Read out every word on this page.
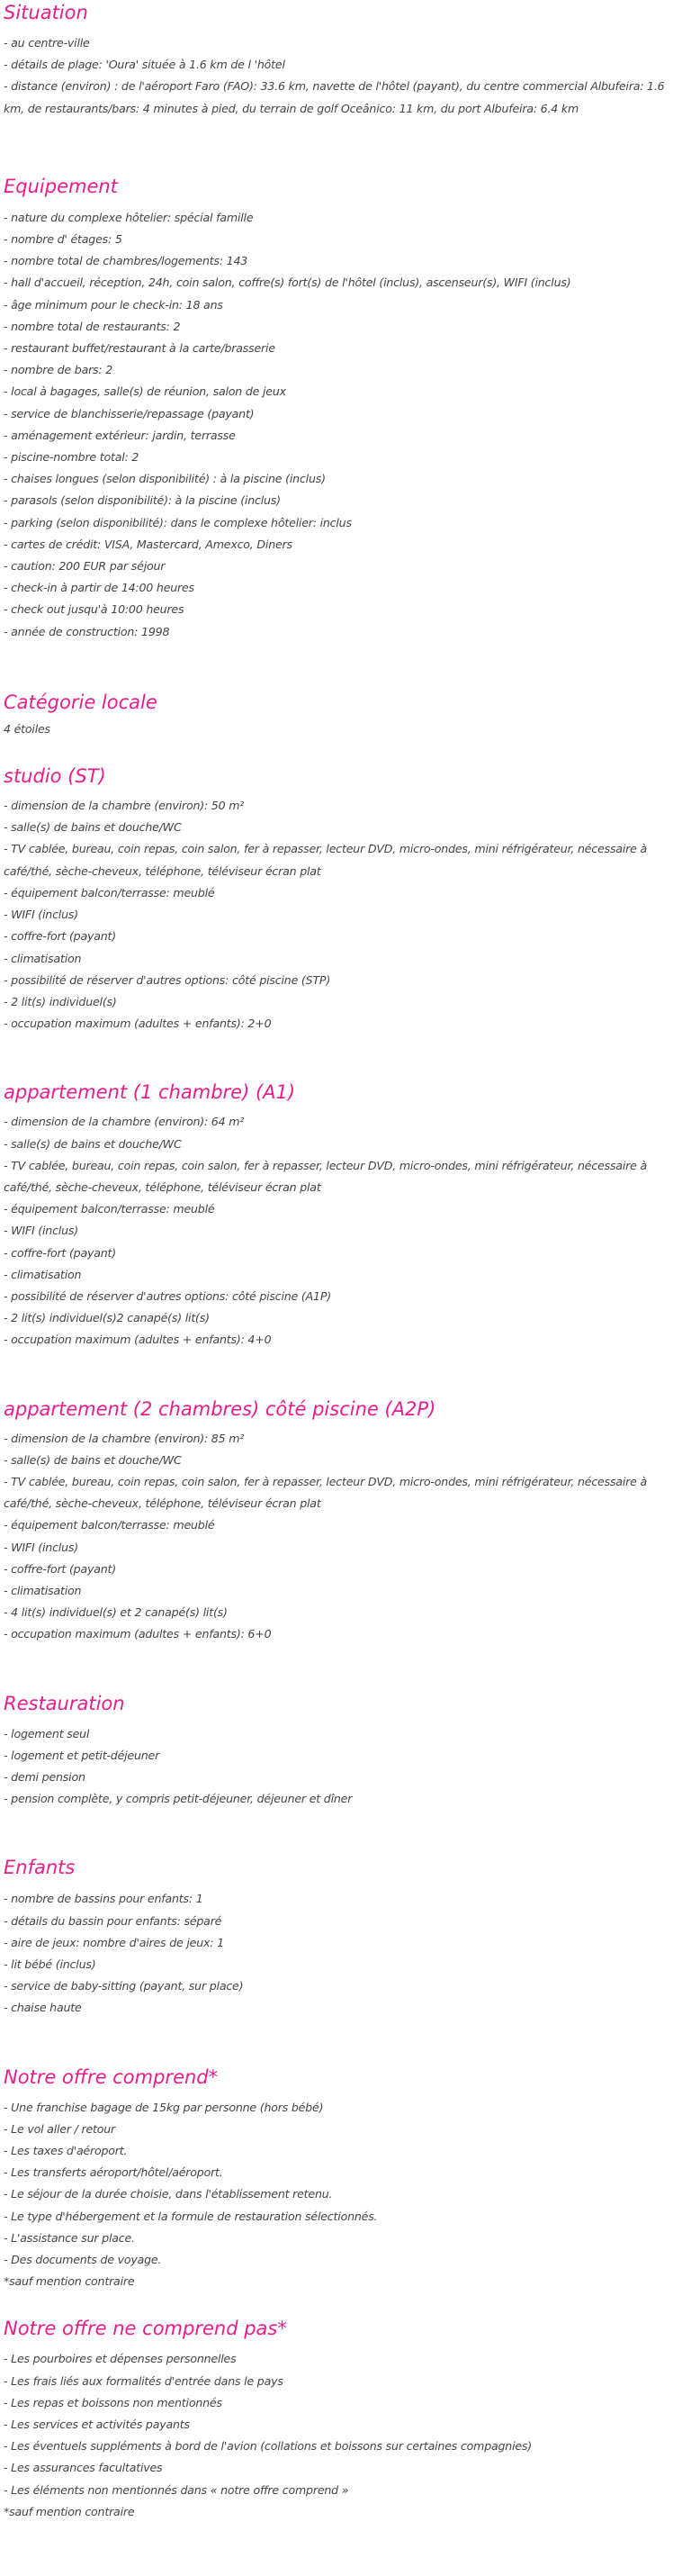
Situation
- au centre-ville
- détails de plage: 'Oura' située à 1.6 km de l 'hôtel
- distance (environ) : de l'aéroport Faro (FAO): 33.6 km, navette de l'hôtel (payant), du centre commercial Albufeira: 1.6 km, de restaurants/bars: 4 minutes à pied, du terrain de golf Oceânico: 11 km, du port Albufeira: 6.4 km
Equipement
- nature du complexe hôtelier: spécial famille
- nombre d' étages: 5
- nombre total de chambres/logements: 143
- hall d'accueil, réception, 24h, coin salon, coffre(s) fort(s) de l'hôtel (inclus), ascenseur(s), WIFI (inclus)
- âge minimum pour le check-in: 18 ans
- nombre total de restaurants: 2
- restaurant buffet/restaurant à la carte/brasserie
- nombre de bars: 2
- local à bagages, salle(s) de réunion, salon de jeux
- service de blanchisserie/repassage (payant)
- aménagement extérieur: jardin, terrasse
- piscine-nombre total: 2
- chaises longues (selon disponibilité) : à la piscine (inclus)
- parasols (selon disponibilité): à la piscine (inclus)
- parking (selon disponibilité): dans le complexe hôtelier: inclus
- cartes de crédit: VISA, Mastercard, Amexco, Diners
- caution: 200 EUR par séjour
- check-in à partir de 14:00 heures
- check out jusqu'à 10:00 heures
- année de construction: 1998
Catégorie locale
4 étoiles
studio (ST)
- dimension de la chambre (environ): 50 m²
- salle(s) de bains et douche/WC
- TV cablée, bureau, coin repas, coin salon, fer à repasser, lecteur DVD, micro-ondes, mini réfrigérateur, nécessaire à café/thé, sèche-cheveux, téléphone, téléviseur écran plat
- équipement balcon/terrasse: meublé
- WIFI (inclus)
- coffre-fort (payant)
- climatisation
- possibilité de réserver d'autres options: côté piscine (STP)
- 2 lit(s) individuel(s)
- occupation maximum (adultes + enfants): 2+0
appartement (1 chambre) (A1)
- dimension de la chambre (environ): 64 m²
- salle(s) de bains et douche/WC
- TV cablée, bureau, coin repas, coin salon, fer à repasser, lecteur DVD, micro-ondes, mini réfrigérateur, nécessaire à café/thé, sèche-cheveux, téléphone, téléviseur écran plat
- équipement balcon/terrasse: meublé
- WIFI (inclus)
- coffre-fort (payant)
- climatisation
- possibilité de réserver d'autres options: côté piscine (A1P)
- 2 lit(s) individuel(s)2 canapé(s) lit(s)
- occupation maximum (adultes + enfants): 4+0
appartement (2 chambres) côté piscine (A2P)
- dimension de la chambre (environ): 85 m²
- salle(s) de bains et douche/WC
- TV cablée, bureau, coin repas, coin salon, fer à repasser, lecteur DVD, micro-ondes, mini réfrigérateur, nécessaire à café/thé, sèche-cheveux, téléphone, téléviseur écran plat
- équipement balcon/terrasse: meublé
- WIFI (inclus)
- coffre-fort (payant)
- climatisation
- 4 lit(s) individuel(s) et 2 canapé(s) lit(s)
- occupation maximum (adultes + enfants): 6+0
Restauration
- logement seul
- logement et petit-déjeuner
- demi pension
- pension complète, y compris petit-déjeuner, déjeuner et dîner
Enfants
- nombre de bassins pour enfants: 1
- détails du bassin pour enfants: séparé
- aire de jeux: nombre d'aires de jeux: 1
- lit bébé (inclus)
- service de baby-sitting (payant, sur place)
- chaise haute
Notre offre comprend*
- Une franchise bagage de 15kg par personne (hors bébé)
- Le vol aller / retour
- Les taxes d'aéroport.
- Les transferts aéroport/hôtel/aéroport.
- Le séjour de la durée choisie, dans l'établissement retenu.
- Le type d'hébergement et la formule de restauration sélectionnés.
- L'assistance sur place.
- Des documents de voyage.

*sauf mention contraire

Notre offre ne comprend pas*
- Les pourboires et dépenses personnelles
- Les frais liés aux formalités d'entrée dans le pays
- Les repas et boissons non mentionnés
- Les services et activités payants
- Les éventuels suppléments à bord de l'avion (collations et boissons sur certaines compagnies)
- Les assurances facultatives
- Les éléments non mentionnés dans « notre offre comprend »

*sauf mention contraire
